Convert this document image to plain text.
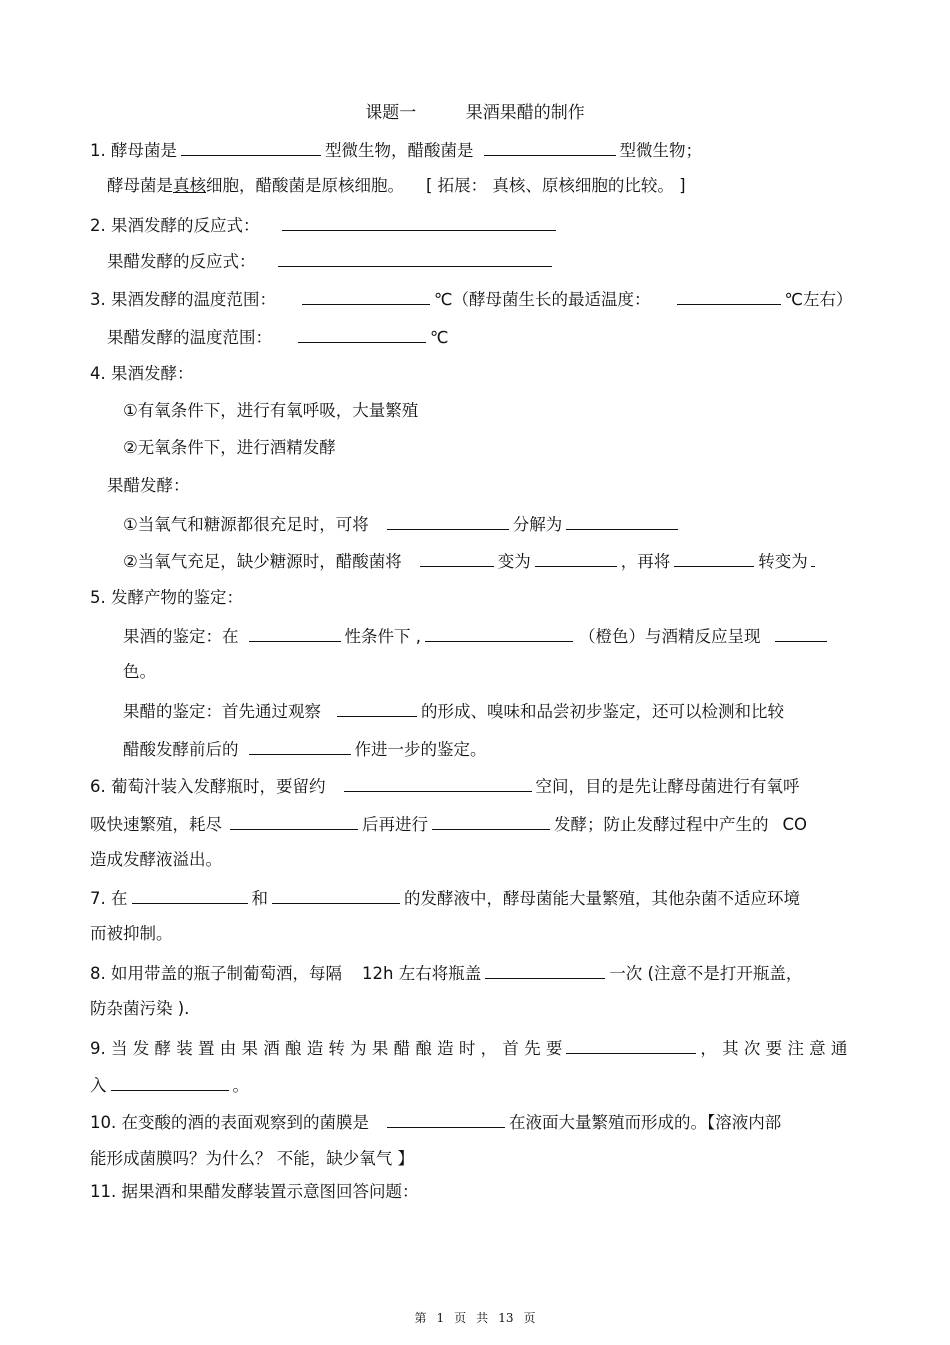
课题一	果酒果醋的制作
1. 酵母菌是	型微生物，醋酸菌是	型微生物；
酵母菌是真核细胞，醋酸菌是原核细胞。 [ 拓展： 真核、原核细胞的比较。 ]
2. 果酒发酵的反应式：
果醋发酵的反应式：
3. 果酒发酵的温度范围：	℃（酵母菌生长的最适温度：	℃左右）
果醋发酵的温度范围：	℃
4. 果酒发酵：
①有氧条件下，进行有氧呼吸，大量繁殖
②无氧条件下，进行酒精发酵
果醋发酵：
①当氧气和糖源都很充足时，可将	分解为
②当氧气充足，缺少糖源时，醋酸菌将	变为	，再将	转变为
5. 发酵产物的鉴定：
果酒的鉴定：在	性条件下 ,	（橙色）与酒精反应呈现
色。
果醋的鉴定：首先通过观察	的形成、嗅味和品尝初步鉴定，还可以检测和比较
醋酸发酵前后的	作进一步的鉴定。
6. 葡萄汁装入发酵瓶时，要留约	空间，目的是先让酵母菌进行有氧呼
吸快速繁殖，耗尽	后再进行	发酵；防止发酵过程中产生的 CO
造成发酵液溢出。
7. 在	和	的发酵液中，酵母菌能大量繁殖，其他杂菌不适应环境
而被抑制。
8. 如用带盖的瓶子制葡萄酒，每隔 12h 左右将瓶盖	一次 (注意不是打开瓶盖，
防杂菌污染 ).
9. 当 发 酵 装 置 由 果 酒 酿 造 转 为 果 醋 酿 造 时 ， 首 先 要	， 其 次 要 注 意 通
入	。
10. 在变酸的酒的表面观察到的菌膜是	在液面大量繁殖而形成的。【溶液内部
能形成菌膜吗？为什么？ 不能，缺少氧气 】
11. 据果酒和果醋发酵装置示意图回答问题：
第 1 页 共 13 页
